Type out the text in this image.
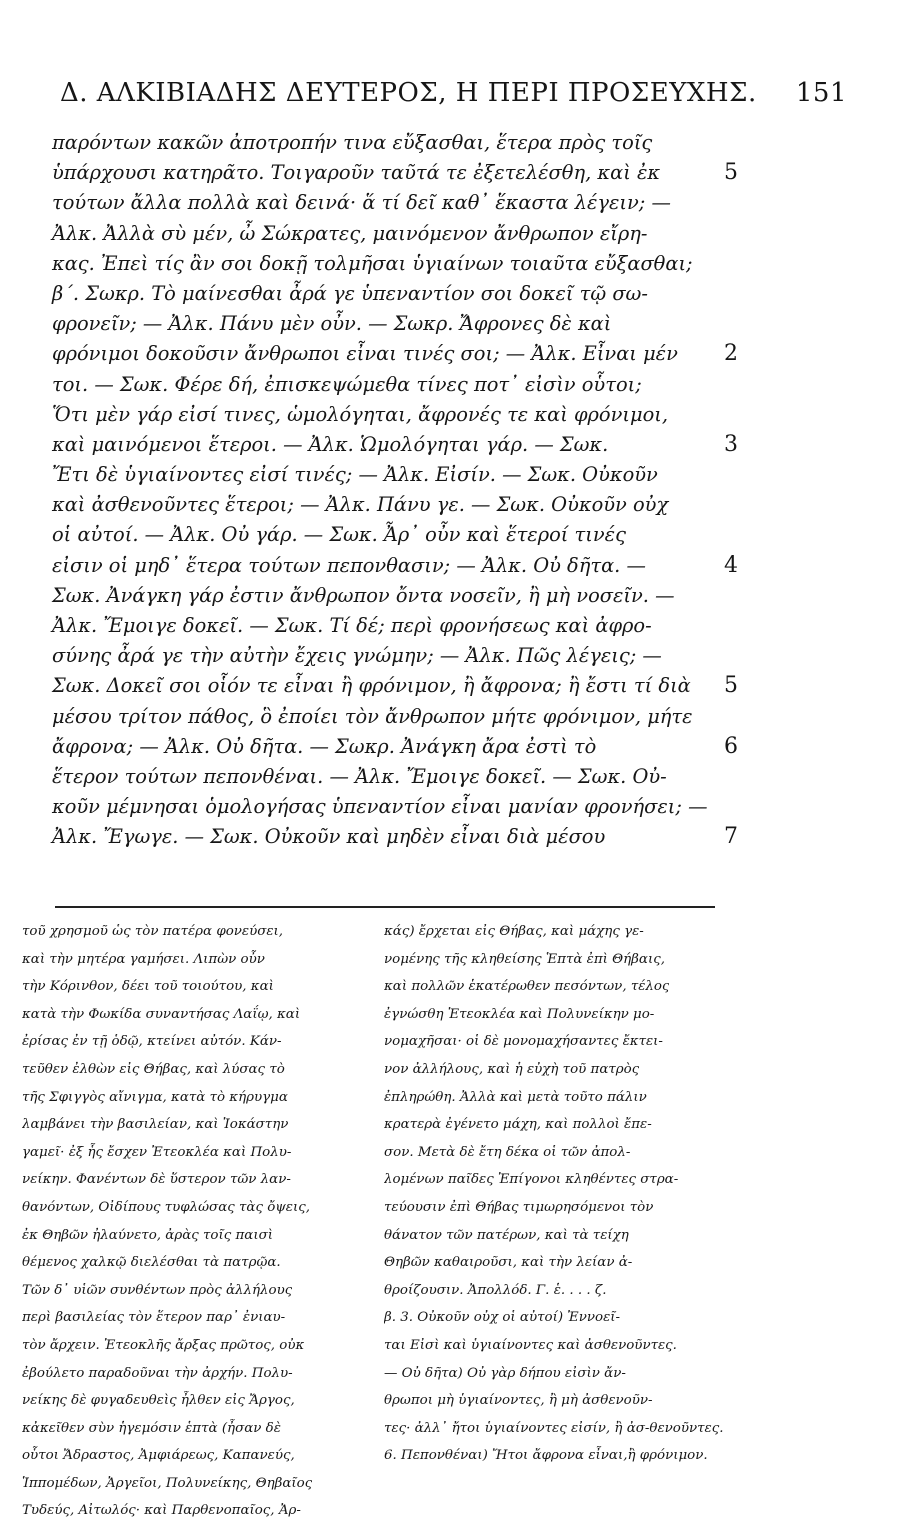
Δ. ΑΛΚΙΒΙΑΔΗΣ ΔΕΥΤΕΡΟΣ, Η ΠΕΡΙ ΠΡΟΣΕΥΧΗΣ. 151
παρόντων κακῶν ἀποτροπήν τινα εὔξασθαι, ἕτερα πρὸς τοῖς
ὑπάρχουσι κατηρᾶτο. Τοιγαροῦν ταῦτά τε ἐξετελέσθη, καὶ ἐκ	5
τούτων ἄλλα πολλὰ καὶ δεινά· ἅ τί δεῖ καθ᾽ ἕκαστα λέγειν; —
Ἀλκ. Ἀλλὰ σὺ μέν, ὦ Σώκρατες, μαινόμενον ἄνθρωπον εἴρη-
κας. Ἐπεὶ τίς ἂν σοι δοκῇ τολμῆσαι ὑγιαίνων τοιαῦτα εὔξασθαι;
β΄. Σωκρ. Τὸ μαίνεσθαι ἆρά γε ὑπεναντίον σοι δοκεῖ τῷ σω-
φρονεῖν; — Ἀλκ. Πάνυ μὲν οὖν. — Σωκρ. Ἄφρονες δὲ καὶ
φρόνιμοι δοκοῦσιν ἄνθρωποι εἶναι τινές σοι; — Ἀλκ. Εἶναι μέν 2
τοι. — Σωκ. Φέρε δή, ἐπισκεψώμεθα τίνες ποτ᾽ εἰσὶν οὗτοι;
Ὅτι μὲν γάρ εἰσί τινες, ὡμολόγηται, ἄφρονές τε καὶ φρόνιμοι,
καὶ μαινόμενοι ἕτεροι. — Ἀλκ. Ὡμολόγηται γάρ. — Σωκ.	3
Ἔτι δὲ ὑγιαίνοντες εἰσί τινές; — Ἀλκ. Εἰσίν. — Σωκ. Οὐκοῦν
καὶ ἀσθενοῦντες ἕτεροι; — Ἀλκ. Πάνυ γε. — Σωκ. Οὐκοῦν οὐχ
οἱ αὐτοί. — Ἀλκ. Οὐ γάρ. — Σωκ. Ἆρ᾽ οὖν καὶ ἕτεροί τινές
εἰσιν οἱ μηδ᾽ ἕτερα τούτων πεπονθασιν; — Ἀλκ. Οὐ δῆτα. —	4
Σωκ. Ἀνάγκη γάρ ἐστιν ἄνθρωπον ὄντα νοσεῖν, ἢ μὴ νοσεῖν. —
Ἀλκ. Ἔμοιγε δοκεῖ. — Σωκ. Τί δέ; περὶ φρονήσεως καὶ ἀφρο-
σύνης ἆρά γε τὴν αὐτὴν ἔχεις γνώμην; — Ἀλκ. Πῶς λέγεις; —
Σωκ. Δοκεῖ σοι οἷόν τε εἶναι ἢ φρόνιμον, ἢ ἄφρονα; ἢ ἔστι τί διὰ 5
μέσου τρίτον πάθος, ὃ ἐποίει τὸν ἄνθρωπον μήτε φρόνιμον, μήτε
ἄφρονα; — Ἀλκ. Οὐ δῆτα. — Σωκρ. Ἀνάγκη ἄρα ἐστὶ τὸ	6
ἕτερον τούτων πεπονθέναι. — Ἀλκ. Ἔμοιγε δοκεῖ. — Σωκ. Οὐ-
κοῦν μέμνησαι ὁμολογήσας ὑπεναντίον εἶναι μανίαν φρονήσει; —
Ἀλκ. Ἔγωγε. — Σωκ. Οὐκοῦν καὶ μηδὲν εἶναι διὰ μέσου	7
τοῦ χρησμοῦ ὡς τὸν πατέρα φονεύσει,καὶ τὴν μητέρα γαμήσει. Λιπὼν οὖντὴν Κόρινθον, δέει τοῦ τοιούτου, καὶκατὰ τὴν Φωκίδα συναντήσας Λαΐῳ, καὶἐρίσας ἐν τῇ ὁδῷ, κτείνει αὐτόν. Κάν-τεῦθεν ἐλθὼν εἰς Θήβας, καὶ λύσας τὸτῆς Σφιγγὸς αἴνιγμα, κατὰ τὸ κήρυγμαλαμβάνει τὴν βασιλείαν, καὶ Ἰοκάστηνγαμεῖ· ἐξ ἧς ἔσχεν Ἐτεοκλέα καὶ Πολυ-νείκην. Φανέντων δὲ ὕστερον τῶν λαν-θανόντων, Οἰδίπους τυφλώσας τὰς ὄψεις,ἐκ Θηβῶν ἠλαύνετο, ἀρὰς τοῖς παισὶθέμενος χαλκῷ διελέσθαι τὰ πατρῷα.Τῶν δ᾽ υἱῶν συνθέντων πρὸς ἀλλήλουςπερὶ βασιλείας τὸν ἕτερον παρ᾽ ἐνιαυ-τὸν ἄρχειν. Ἐτεοκλῆς ἄρξας πρῶτος, οὐκἐβούλετο παραδοῦναι τὴν ἀρχήν. Πολυ-νείκης δὲ φυγαδευθεὶς ἦλθεν εἰς Ἄργος,κἀκεῖθεν σὺν ἡγεμόσιν ἑπτὰ (ἦσαν δὲοὗτοι Ἄδραστος, Ἀμφιάρεως, Καπανεύς,Ἱππομέδων, Ἀργεῖοι, Πολυνείκης, ΘηβαῖοςΤυδεύς, Αἰτωλός· καὶ Παρθενοπαῖος, Ἀρ-
κάς) ἔρχεται εἰς Θήβας, καὶ μάχης γε-νομένης τῆς κληθείσης Ἑπτὰ ἐπὶ Θήβαις,καὶ πολλῶν ἑκατέρωθεν πεσόντων, τέλοςἐγνώσθη Ἐτεοκλέα καὶ Πολυνείκην μο-νομαχῆσαι· οἱ δὲ μονομαχήσαντες ἔκτει-νον ἀλλήλους, καὶ ἡ εὐχὴ τοῦ πατρὸςἐπληρώθη. Ἀλλὰ καὶ μετὰ τοῦτο πάλινκρατερὰ ἐγένετο μάχη, καὶ πολλοὶ ἔπε-σον. Μετὰ δὲ ἔτη δέκα οἱ τῶν ἀπολ-λομένων παῖδες Ἐπίγονοι κληθέντες στρα-τεύουσιν ἐπὶ Θήβας τιμωρησόμενοι τὸνθάνατον τῶν πατέρων, καὶ τὰ τείχηΘηβῶν καθαιροῦσι, καὶ τὴν λείαν ἀ-θροίζουσιν. Ἀπολλόδ. Γ. ἑ. . . . ζ.β. 3. Οὐκοῦν οὐχ οἱ αὐτοί) Ἐννοεῖ-ται Εἰσὶ καὶ ὑγιαίνοντες καὶ ἀσθενοῦντες.— Οὐ δῆτα) Οὐ γὰρ δήπου εἰσὶν ἄν-θρωποι μὴ ὑγιαίνοντες, ἢ μὴ ἀσθενοῦν-τες· ἀλλ᾽ ἤτοι ὑγιαίνοντες εἰσίν, ἢ ἀσ-θενοῦντες.6. Πεπονθέναι) Ἤτοι ἄφρονα εἶναι,ἢ φρόνιμον.
